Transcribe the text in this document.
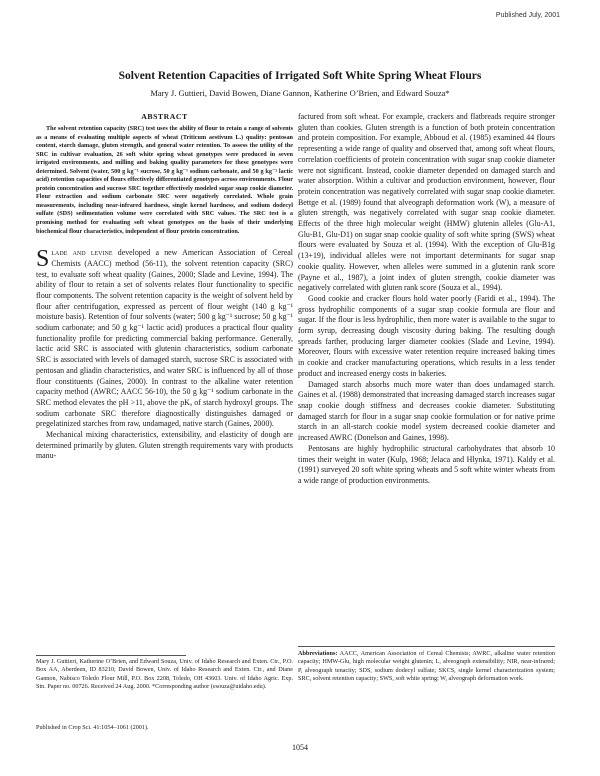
Published July, 2001
Solvent Retention Capacities of Irrigated Soft White Spring Wheat Flours
Mary J. Guttieri, David Bowen, Diane Gannon, Katherine O’Brien, and Edward Souza*
ABSTRACT
The solvent retention capacity (SRC) test uses the ability of flour to retain a range of solvents as a means of evaluating multiple aspects of wheat (Triticum aestivum L.) quality: pentosan content, starch damage, gluten strength, and general water retention. To assess the utility of the SRC in cultivar evaluation, 26 soft white spring wheat genotypes were produced in seven irrigated environments, and milling and baking quality parameters for these genotypes were determined. Solvent (water, 500 g kg⁻¹ sucrose, 50 g kg⁻¹ sodium carbonate, and 50 g kg⁻¹ lactic acid) retention capacities of flours effectively differentiated genotypes across environments. Flour protein concentration and sucrose SRC together effectively modeled sugar snap cookie diameter. Flour extraction and sodium carbonate SRC were negatively correlated. Whole grain measurements, including near-infrared hardness, single kernel hardness, and sodium dodecyl sulfate (SDS) sedimentation volume were correlated with SRC values. The SRC test is a promising method for evaluating soft wheat genotypes on the basis of their underlying biochemical flour characteristics, independent of flour protein concentration.

Slade and levine developed a new American Association of Cereal Chemists (AACC) method (56-11), the solvent retention capacity (SRC) test, to evaluate soft wheat quality (Gaines, 2000; Slade and Levine, 1994). The ability of flour to retain a set of solvents relates flour functionality to specific flour components. The solvent retention capacity is the weight of solvent held by flour after centrifugation, expressed as percent of flour weight (140 g kg⁻¹ moisture basis). Retention of four solvents (water; 500 g kg⁻¹ sucrose; 50 g kg⁻¹ sodium carbonate; and 50 g kg⁻¹ lactic acid) produces a practical flour quality functionality profile for predicting commercial baking performance. Generally, lactic acid SRC is associated with glutenin characteristics, sodium carbonate SRC is associated with levels of damaged starch, sucrose SRC is associated with pentosan and gliadin characteristics, and water SRC is influenced by all of those flour constituents (Gaines, 2000). In contrast to the alkaline water retention capacity method (AWRC; AACC 56-10), the 50 g kg⁻¹ sodium carbonate in the SRC method elevates the pH >11, above the pKₐ of starch hydroxyl groups. The sodium carbonate SRC therefore diagnostically distinguishes damaged or pregelatinized starches from raw, undamaged, native starch (Gaines, 2000).

Mechanical mixing characteristics, extensibility, and elasticity of dough are determined primarily by gluten. Gluten strength requirements vary with products manu-

factured from soft wheat. For example, crackers and flatbreads require stronger gluten than cookies. Gluten strength is a function of both protein concentration and protein composition. For example, Abboud et al. (1985) examined 44 flours representing a wide range of quality and observed that, among soft wheat flours, correlation coefficients of protein concentration with sugar snap cookie diameter were not significant. Instead, cookie diameter depended on damaged starch and water absorption. Within a cultivar and production environment, however, flour protein concentration was negatively correlated with sugar snap cookie diameter. Bettge et al. (1989) found that alveograph deformation work (W), a measure of gluten strength, was negatively correlated with sugar snap cookie diameter. Effects of the three high molecular weight (HMW) glutenin alleles (Glu-A1, Glu-B1, Glu-D1) on sugar snap cookie quality of soft white spring (SWS) wheat flours were evaluated by Souza et al. (1994). With the exception of Glu-B1g (13+19), individual alleles were not important determinants for sugar snap cookie quality. However, when alleles were summed in a glutenin rank score (Payne et al., 1987), a joint index of gluten strength, cookie diameter was negatively correlated with gluten rank score (Souza et al., 1994).

Good cookie and cracker flours hold water poorly (Faridi et al., 1994). The gross hydrophilic components of a sugar snap cookie formula are flour and sugar. If the flour is less hydrophilic, then more water is available to the sugar to form syrup, decreasing dough viscosity during baking. The resulting dough spreads farther, producing larger diameter cookies (Slade and Levine, 1994). Moreover, flours with excessive water retention require increased baking times in cookie and cracker manufacturing operations, which results in a less tender product and increased energy costs in bakeries.

Damaged starch absorbs much more water than does undamaged starch. Gaines et al. (1988) demonstrated that increasing damaged starch increases sugar snap cookie dough stiffness and decreases cookie diameter. Substituting damaged starch for flour in a sugar snap cookie formulation or for native prime starch in an all-starch cookie model system decreased cookie diameter and increased AWRC (Donelson and Gaines, 1998).

Pentosans are highly hydrophilic structural carbohydrates that absorb 10 times their weight in water (Kulp, 1968; Jelaca and Hlynka, 1971). Kaldy et al. (1991) surveyed 20 soft white spring wheats and 5 soft white winter wheats from a wide range of production environments.

Mary J. Guttieri, Katherine O’Brien, and Edward Souza, Univ. of Idaho Research and Exten. Ctr., P.O. Box AA, Aberdeen, ID 83210; David Bowen, Univ. of Idaho Research and Exten. Ctr., and Diane Gannon, Nabisco Toledo Flour Mill, P.O. Box 2208, Toledo, OH 43603. Univ. of Idaho Agric. Exp. Stn. Paper no. 00726. Received 24 Aug. 2000. *Corresponding author (esouza@uidaho.edu).
Published in Crop Sci. 41:1054–1061 (2001).
Abbreviations: AACC, American Association of Cereal Chemists; AWRC, alkaline water retention capacity; HMW-Glu, high molecular weight glutenin; L, alveograph extensibility; NIR, near-infrared; P, alveograph tenacity; SDS, sodium dodecyl sulfate; SKCS, single kernel characterization system; SRC, solvent retention capacity; SWS, soft white spring; W, alveograph deformation work.
1054
